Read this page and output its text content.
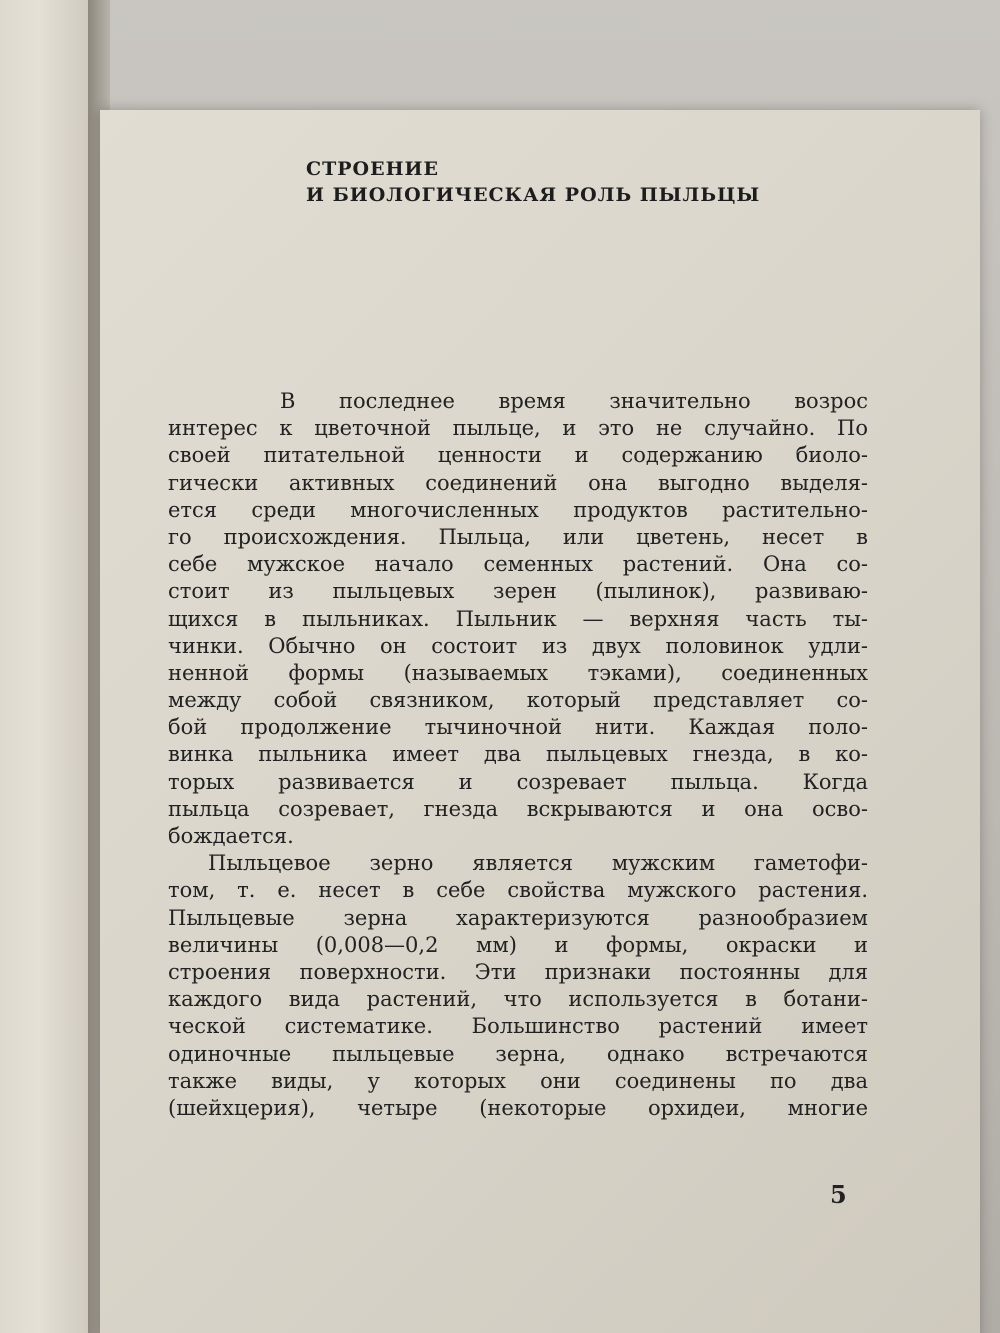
СТРОЕНИЕ
И БИОЛОГИЧЕСКАЯ РОЛЬ ПЫЛЬЦЫ
В последнее время значительно возрос
интерес к цветочной пыльце, и это не случайно. По
своей питательной ценности и содержанию биоло-
гически активных соединений она выгодно выделя-
ется среди многочисленных продуктов растительно-
го происхождения. Пыльца, или цветень, несет в
себе мужское начало семенных растений. Она со-
стоит из пыльцевых зерен (пылинок), развиваю-
щихся в пыльниках. Пыльник — верхняя часть ты-
чинки. Обычно он состоит из двух половинок удли-
ненной формы (называемых тэками), соединенных
между собой связником, который представляет со-
бой продолжение тычиночной нити. Каждая поло-
винка пыльника имеет два пыльцевых гнезда, в ко-
торых развивается и созревает пыльца. Когда
пыльца созревает, гнезда вскрываются и она осво-
бождается.
Пыльцевое зерно является мужским гаметофи-
том, т. е. несет в себе свойства мужского растения.
Пыльцевые зерна характеризуются разнообразием
величины (0,008—0,2 мм) и формы, окраски и
строения поверхности. Эти признаки постоянны для
каждого вида растений, что используется в ботани-
ческой систематике. Большинство растений имеет
одиночные пыльцевые зерна, однако встречаются
также виды, у которых они соединены по два
(шейхцерия), четыре (некоторые орхидеи, многие
5
